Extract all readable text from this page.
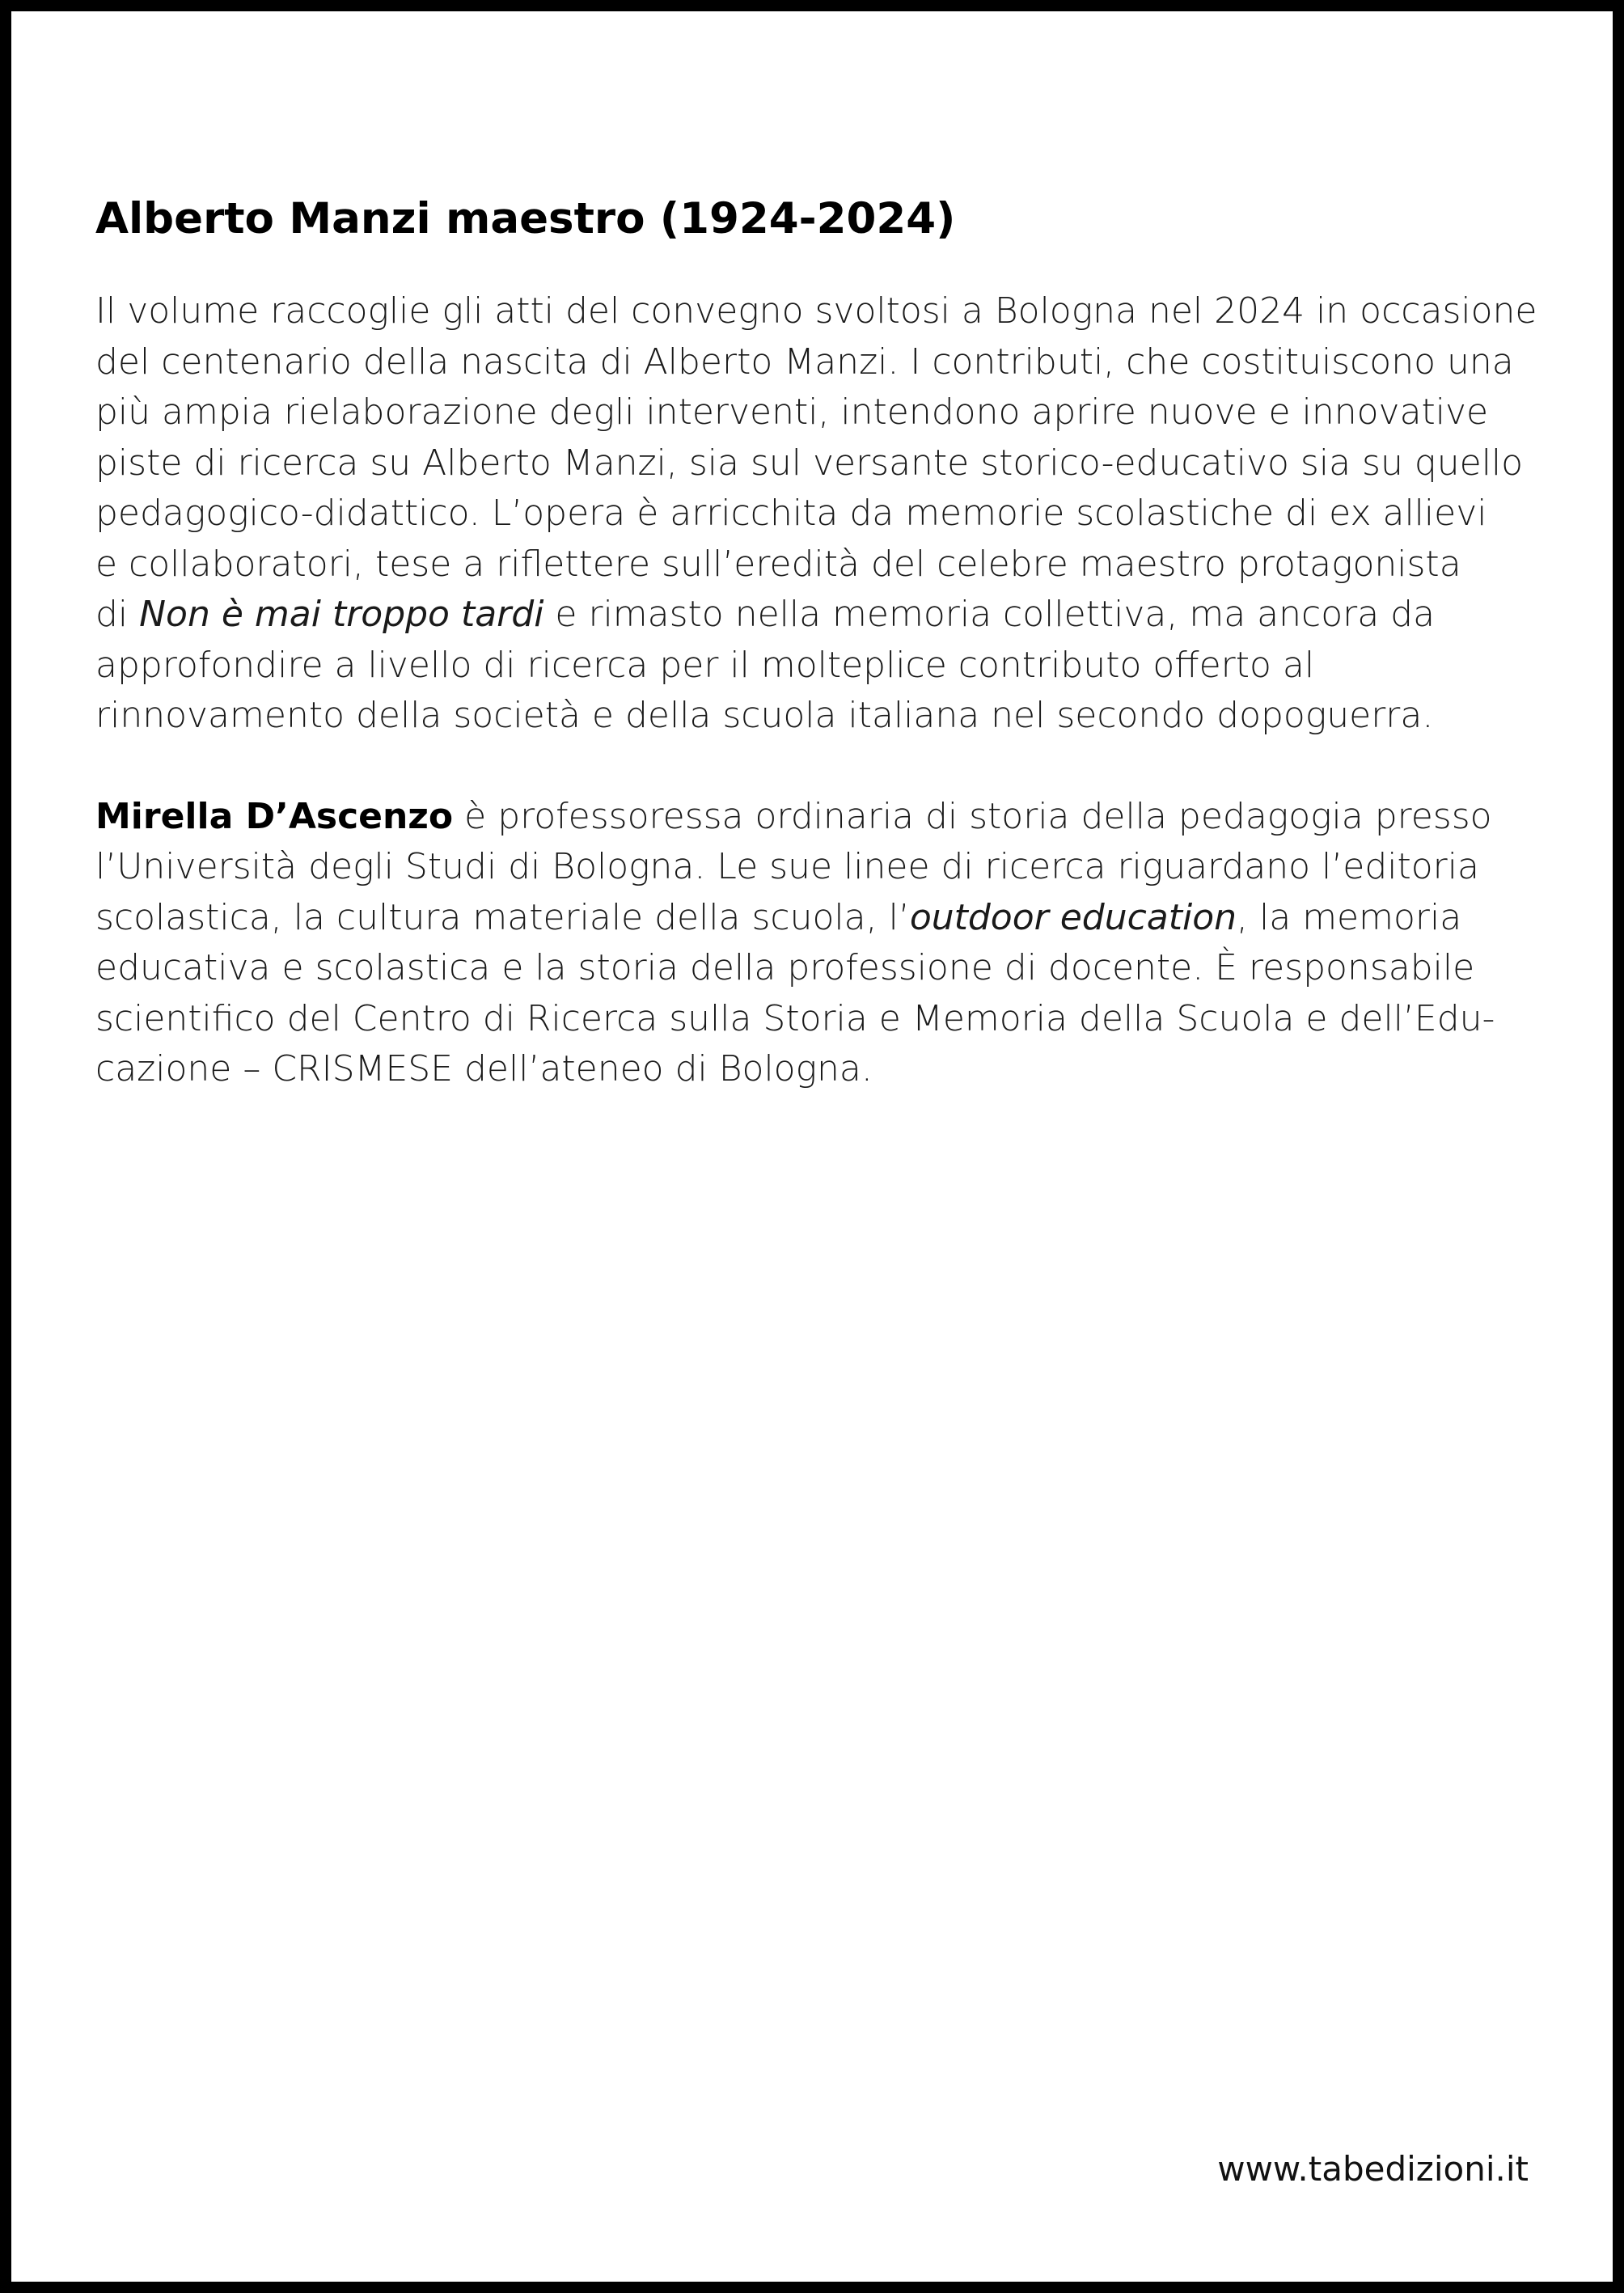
Alberto Manzi maestro (1924-2024)

Il volume raccoglie gli atti del convegno svoltosi a Bologna nel 2024 in occasione
del centenario della nascita di Alberto Manzi. I contributi, che costituiscono una
più ampia rielaborazione degli interventi, intendono aprire nuove e innovative
piste di ricerca su Alberto Manzi, sia sul versante storico-educativo sia su quello
pedagogico-didattico. L’opera è arricchita da memorie scolastiche di ex allievi
e collaboratori, tese a riflettere sull’eredità del celebre maestro protagonista
di Non è mai troppo tardi e rimasto nella memoria collettiva, ma ancora da
approfondire a livello di ricerca per il molteplice contributo offerto al
rinnovamento della società e della scuola italiana nel secondo dopoguerra.

Mirella D’Ascenzo è professoressa ordinaria di storia della pedagogia presso
l’Università degli Studi di Bologna. Le sue linee di ricerca riguardano l’editoria
scolastica, la cultura materiale della scuola, l’outdoor education, la memoria
educativa e scolastica e la storia della professione di docente. È responsabile
scientifico del Centro di Ricerca sulla Storia e Memoria della Scuola e dell’Edu-
cazione – CRISMESE dell’ateneo di Bologna.

www.tabedizioni.it
